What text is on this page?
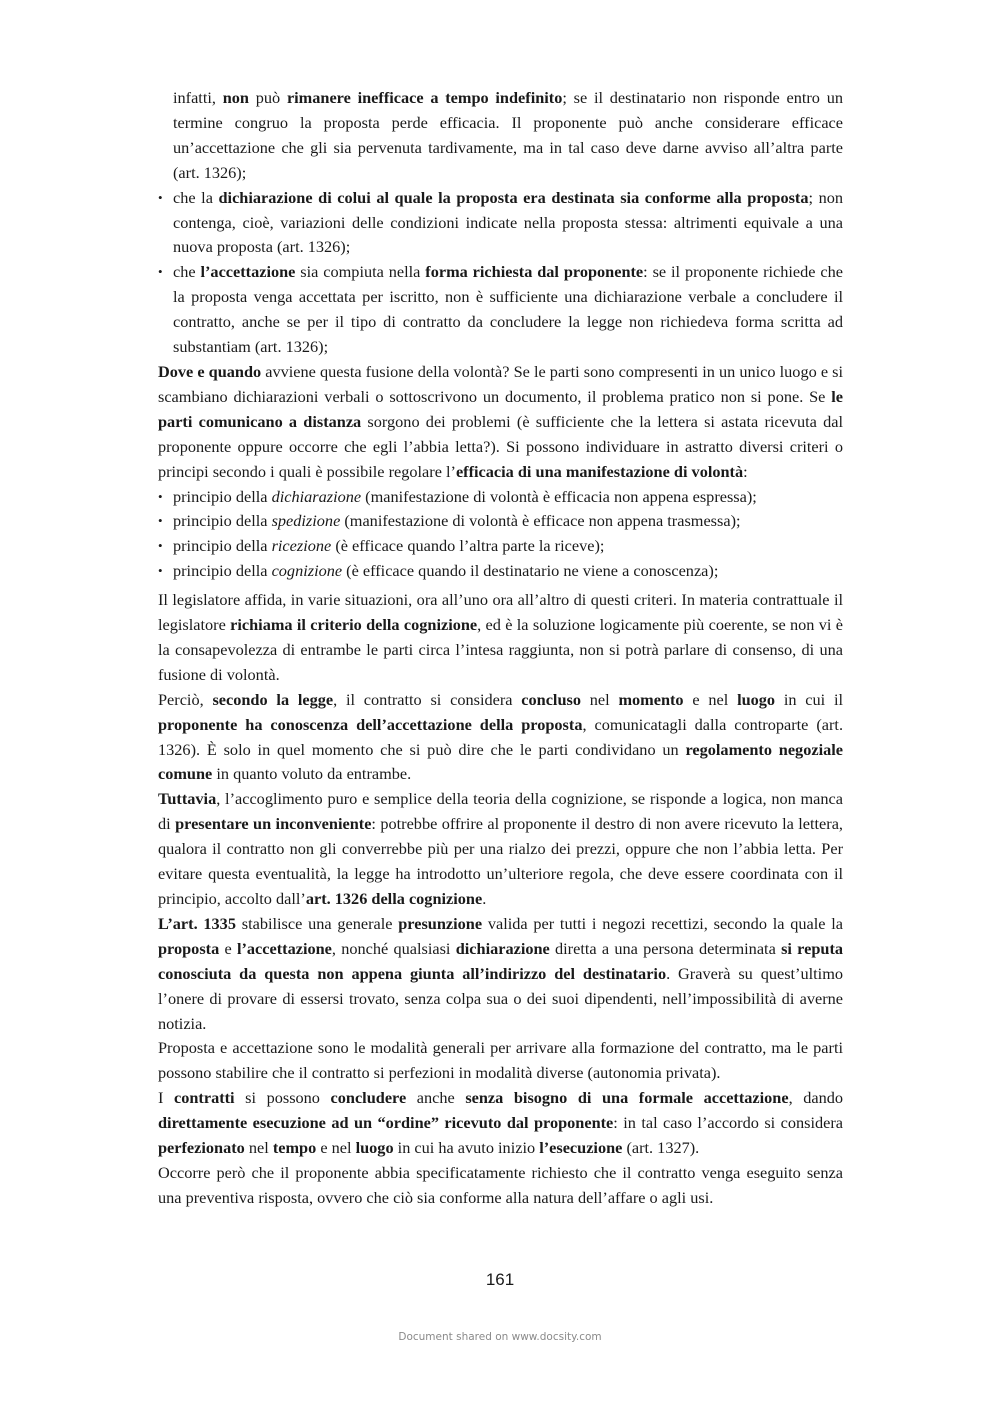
infatti, non può rimanere inefficace a tempo indefinito; se il destinatario non risponde entro un termine congruo la proposta perde efficacia. Il proponente può anche considerare efficace un’accettazione che gli sia pervenuta tardivamente, ma in tal caso deve darne avviso all’altra parte (art. 1326);

• che la dichiarazione di colui al quale la proposta era destinata sia conforme alla proposta; non contenga, cioè, variazioni delle condizioni indicate nella proposta stessa: altrimenti equivale a una nuova proposta (art. 1326);
• che l’accettazione sia compiuta nella forma richiesta dal proponente: se il proponente richiede che la proposta venga accettata per iscritto, non è sufficiente una dichiarazione verbale a concludere il contratto, anche se per il tipo di contratto da concludere la legge non richiedeva forma scritta ad substantiam (art. 1326);

Dove e quando avviene questa fusione della volontà? Se le parti sono compresenti in un unico luogo e si scambiano dichiarazioni verbali o sottoscrivono un documento, il problema pratico non si pone. Se le parti comunicano a distanza sorgono dei problemi (è sufficiente che la lettera si astata ricevuta dal proponente oppure occorre che egli l’abbia letta?). Si possono individuare in astratto diversi criteri o principi secondo i quali è possibile regolare l’efficacia di una manifestazione di volontà:

• principio della dichiarazione (manifestazione di volontà è efficacia non appena espressa);
• principio della spedizione (manifestazione di volontà è efficace non appena trasmessa);
• principio della ricezione (è efficace quando l’altra parte la riceve);
• principio della cognizione (è efficace quando il destinatario ne viene a conoscenza);

Il legislatore affida, in varie situazioni, ora all’uno ora all’altro di questi criteri. In materia contrattuale il legislatore richiama il criterio della cognizione, ed è la soluzione logicamente più coerente, se non vi è la consapevolezza di entrambe le parti circa l’intesa raggiunta, non si potrà parlare di consenso, di una fusione di volontà.

Perciò, secondo la legge, il contratto si considera concluso nel momento e nel luogo in cui il proponente ha conoscenza dell’accettazione della proposta, comunicatagli dalla controparte (art. 1326). È solo in quel momento che si può dire che le parti condividano un regolamento negoziale comune in quanto voluto da entrambe.

Tuttavia, l’accoglimento puro e semplice della teoria della cognizione, se risponde a logica, non manca di presentare un inconveniente: potrebbe offrire al proponente il destro di non avere ricevuto la lettera, qualora il contratto non gli converrebbe più per una rialzo dei prezzi, oppure che non l’abbia letta. Per evitare questa eventualità, la legge ha introdotto un’ulteriore regola, che deve essere coordinata con il principio, accolto dall’art. 1326 della cognizione.

L’art. 1335 stabilisce una generale presunzione valida per tutti i negozi recettizi, secondo la quale la proposta e l’accettazione, nonché qualsiasi dichiarazione diretta a una persona determinata si reputa conosciuta da questa non appena giunta all’indirizzo del destinatario. Graverà su quest’ultimo l’onere di provare di essersi trovato, senza colpa sua o dei suoi dipendenti, nell’impossibilità di averne notizia.

Proposta e accettazione sono le modalità generali per arrivare alla formazione del contratto, ma le parti possono stabilire che il contratto si perfezioni in modalità diverse (autonomia privata).

I contratti si possono concludere anche senza bisogno di una formale accettazione, dando direttamente esecuzione ad un “ordine” ricevuto dal proponente: in tal caso l’accordo si considera perfezionato nel tempo e nel luogo in cui ha avuto inizio l’esecuzione (art. 1327).

Occorre però che il proponente abbia specificatamente richiesto che il contratto venga eseguito senza una preventiva risposta, ovvero che ciò sia conforme alla natura dell’affare o agli usi.

161
Document shared on www.docsity.com
